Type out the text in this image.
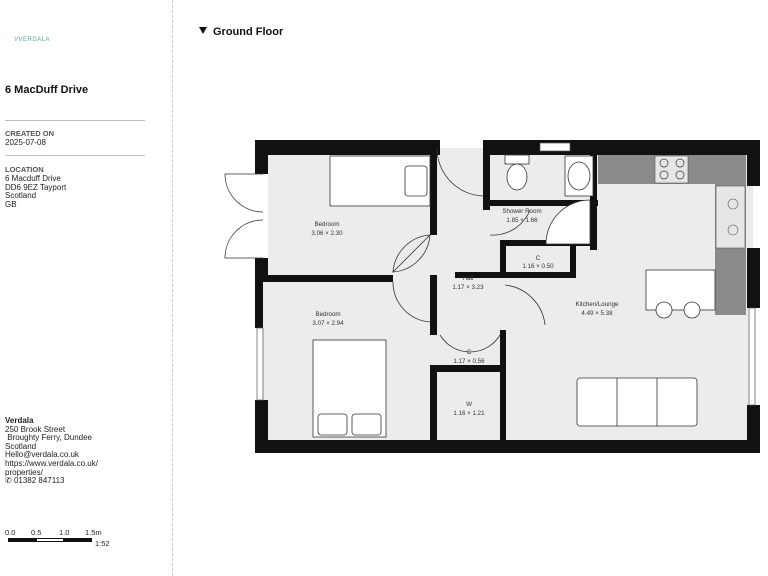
VVERDALA
6 MacDuff Drive
CREATED ON
2025-07-08
LOCATION
6 Macduff Drive
DD6 9EZ Tayport
Scotland
GB
Verdala
250 Brook Street
Broughty Ferry, Dundee
Scotland
Hello@verdala.co.uk
https://www.verdala.co.uk/
properties/
✆ 01382 847113
0.0 0.5 1.0 1.5m
1:52
Ground Floor
Bedroom
3.06 × 2.30
Shower Room
1.85 × 1.66
C
1.16 × 0.50
Hall
1.17 × 3.23
Kitchen/Lounge
4.49 × 5.38
Bedroom
3.07 × 2.94
C
1.17 × 0.56
W
1.16 × 1.21
